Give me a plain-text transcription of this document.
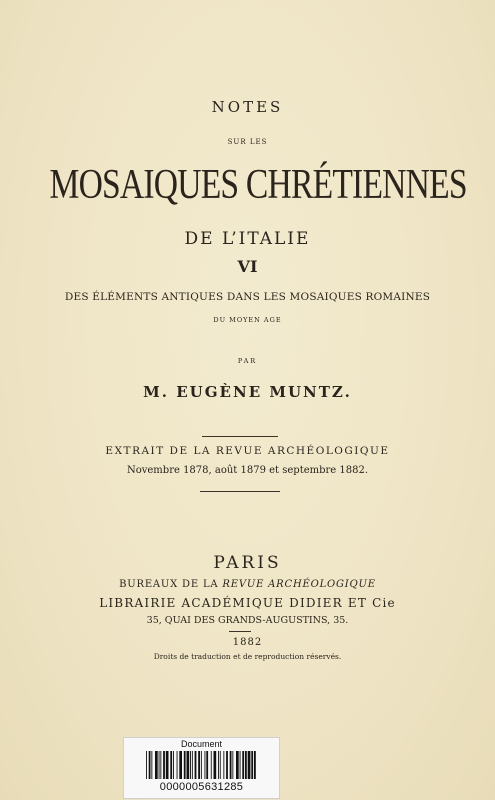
NOTES
SUR LES
MOSAIQUES CHRÉTIENNES
DE L’ITALIE
VI
DES ÉLÉMENTS ANTIQUES DANS LES MOSAIQUES ROMAINES
DU MOYEN AGE
PAR
M. EUGÈNE MUNTZ.
EXTRAIT DE LA REVUE ARCHÉOLOGIQUE
Novembre 1878, août 1879 et septembre 1882.
PARIS
BUREAUX DE LA REVUE ARCHÉOLOGIQUE
LIBRAIRIE ACADÉMIQUE DIDIER ET Cie
35, QUAI DES GRANDS-AUGUSTINS, 35.
1882
Droits de traduction et de reproduction réservés.
Document
0000005631285
